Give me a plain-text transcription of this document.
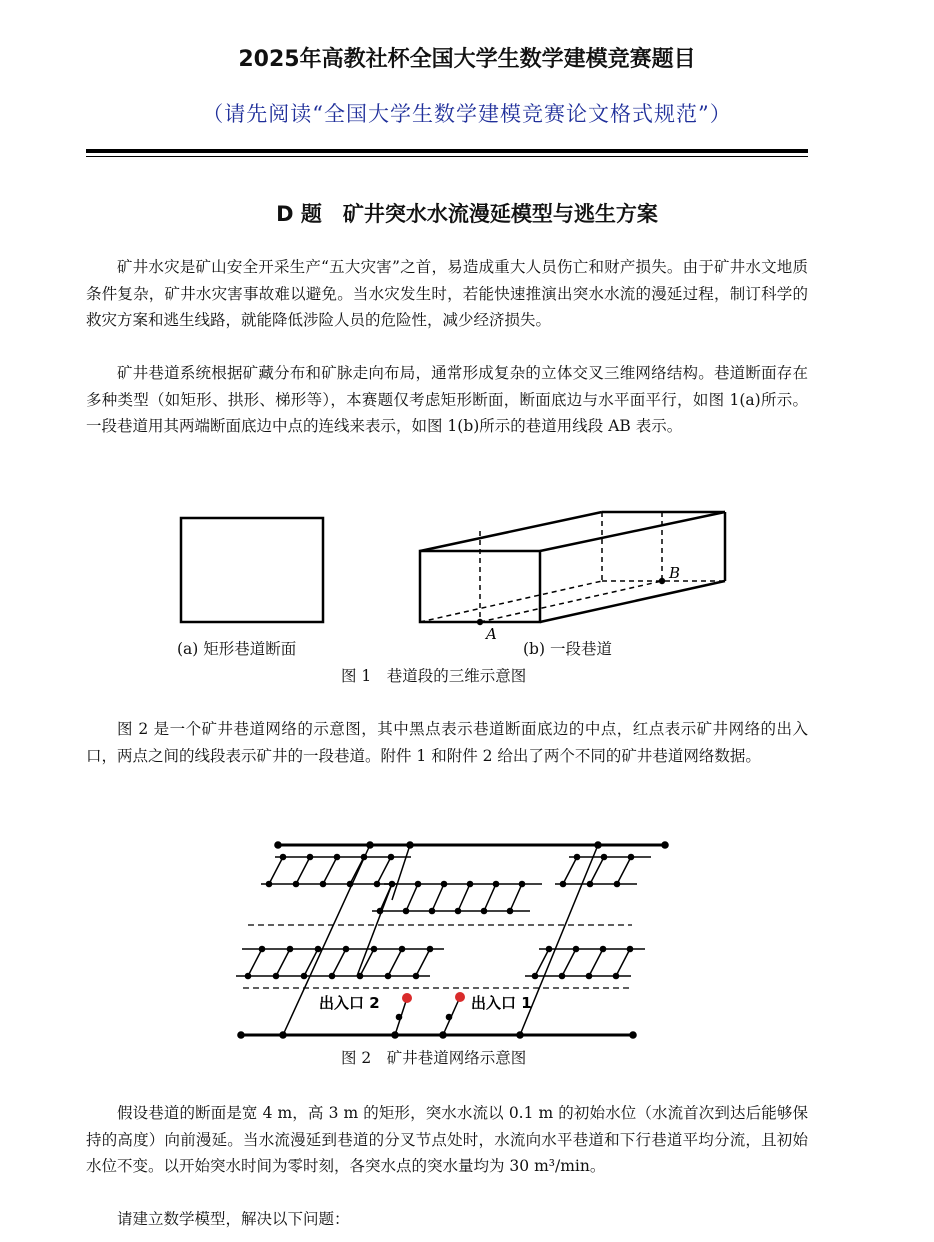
2025年高教社杯全国大学生数学建模竞赛题目
（请先阅读“全国大学生数学建模竞赛论文格式规范”）
D 题　矿井突水水流漫延模型与逃生方案

矿井水灾是矿山安全开采生产“五大灾害”之首，易造成重大人员伤亡和财产损失。由于矿井水文地质条件复杂，矿井水灾害事故难以避免。当水灾发生时，若能快速推演出突水水流的漫延过程，制订科学的救灾方案和逃生线路，就能降低涉险人员的危险性，减少经济损失。

矿井巷道系统根据矿藏分布和矿脉走向布局，通常形成复杂的立体交叉三维网络结构。巷道断面存在多种类型（如矩形、拱形、梯形等），本赛题仅考虑矩形断面，断面底边与水平面平行，如图 1(a)所示。一段巷道用其两端断面底边中点的连线来表示，如图 1(b)所示的巷道用线段 AB 表示。

A
B
(a) 矩形巷道断面	(b) 一段巷道
图 1　巷道段的三维示意图

图 2 是一个矿井巷道网络的示意图，其中黑点表示巷道断面底边的中点，红点表示矿井网络的出入口，两点之间的线段表示矿井的一段巷道。附件 1 和附件 2 给出了两个不同的矿井巷道网络数据。

出入口 2	出入口 1
图 2　矿井巷道网络示意图

假设巷道的断面是宽 4 m，高 3 m 的矩形，突水水流以 0.1 m 的初始水位（水流首次到达后能够保持的高度）向前漫延。当水流漫延到巷道的分叉节点处时，水流向水平巷道和下行巷道平均分流，且初始水位不变。以开始突水时间为零时刻，各突水点的突水量均为 30 m³/min。

请建立数学模型，解决以下问题：
